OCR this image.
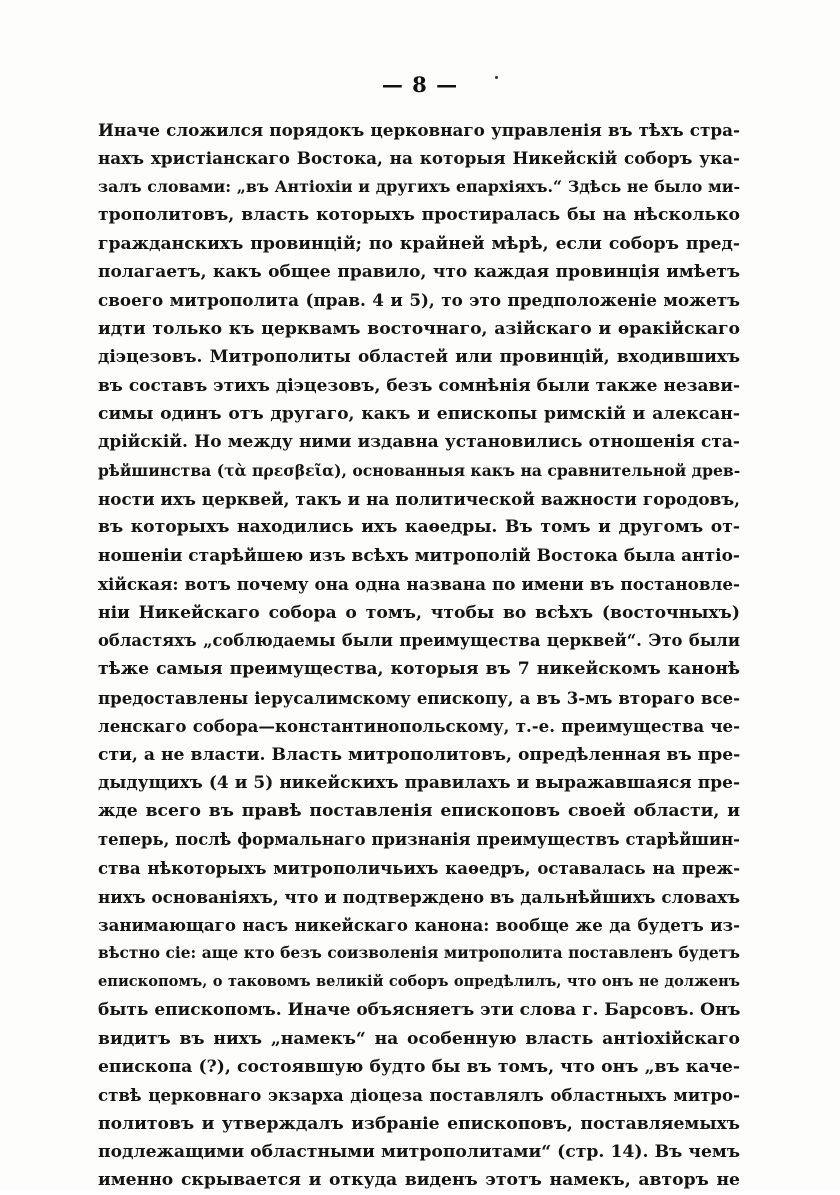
— 8 —
Иначе сложился порядокъ церковнаго управленія въ тѣхъ стра-
нахъ христіанскаго Востока, на которыя Никейскій соборъ ука-
залъ словами: „въ Антіохіи и другихъ епархіяхъ.“ Здѣсь не было ми-
трополитовъ, власть которыхъ простиралась бы на нѣсколько
гражданскихъ провинцій; по крайней мѣрѣ, если соборъ пред-
полагаетъ, какъ общее правило, что каждая провинція имѣетъ
своего митрополита (прав. 4 и 5), то это предположеніе можетъ
идти только къ церквамъ восточнаго, азійскаго и ѳракійскаго
діэцезовъ. Митрополиты областей или провинцій, входившихъ
въ составъ этихъ діэцезовъ, безъ сомнѣнія были также незави-
симы одинъ отъ другаго, какъ и епископы римскій и алексан-
дрійскій. Но между ними издавна установились отношенія ста-
рѣйшинства (τὰ πρεσβεῖα), основанныя какъ на сравнительной древ-
ности ихъ церквей, такъ и на политической важности городовъ,
въ которыхъ находились ихъ каѳедры. Въ томъ и другомъ от-
ношеніи старѣйшею изъ всѣхъ митрополій Востока была антіо-
хійская: вотъ почему она одна названа по имени въ постановле-
ніи Никейскаго собора о томъ, чтобы во всѣхъ (восточныхъ)
областяхъ „соблюдаемы были преимущества церквей“. Это были
тѣже самыя преимущества, которыя въ 7 никейскомъ канонѣ
предоставлены іерусалимскому епископу, а въ 3-мъ втораго все-
ленскаго собора—константинопольскому, т.-е. преимущества че-
сти, а не власти. Власть митрополитовъ, опредѣленная въ пре-
дыдущихъ (4 и 5) никейскихъ правилахъ и выражавшаяся пре-
жде всего въ правѣ поставленія епископовъ своей области, и
теперь, послѣ формальнаго признанія преимуществъ старѣйшин-
ства нѣкоторыхъ митрополичьихъ каѳедръ, оставалась на преж-
нихъ основаніяхъ, что и подтверждено въ дальнѣйшихъ словахъ
занимающаго насъ никейскаго канона: вообще же да будетъ из-
вѣстно сіе: аще кто безъ соизволенія митрополита поставленъ будетъ
епископомъ, о таковомъ великій соборъ опредѣлилъ, что онъ не долженъ
быть епископомъ. Иначе объясняетъ эти слова г. Барсовъ. Онъ
видитъ въ нихъ „намекъ“ на особенную власть антіохійскаго
епископа (?), состоявшую будто бы въ томъ, что онъ „въ каче-
ствѣ церковнаго экзарха діоцеза поставлялъ областныхъ митро-
политовъ и утверждалъ избраніе епископовъ, поставляемыхъ
подлежащими областными митрополитами“ (стр. 14). Въ чемъ
именно скрывается и откуда виденъ этотъ намекъ, авторъ не
